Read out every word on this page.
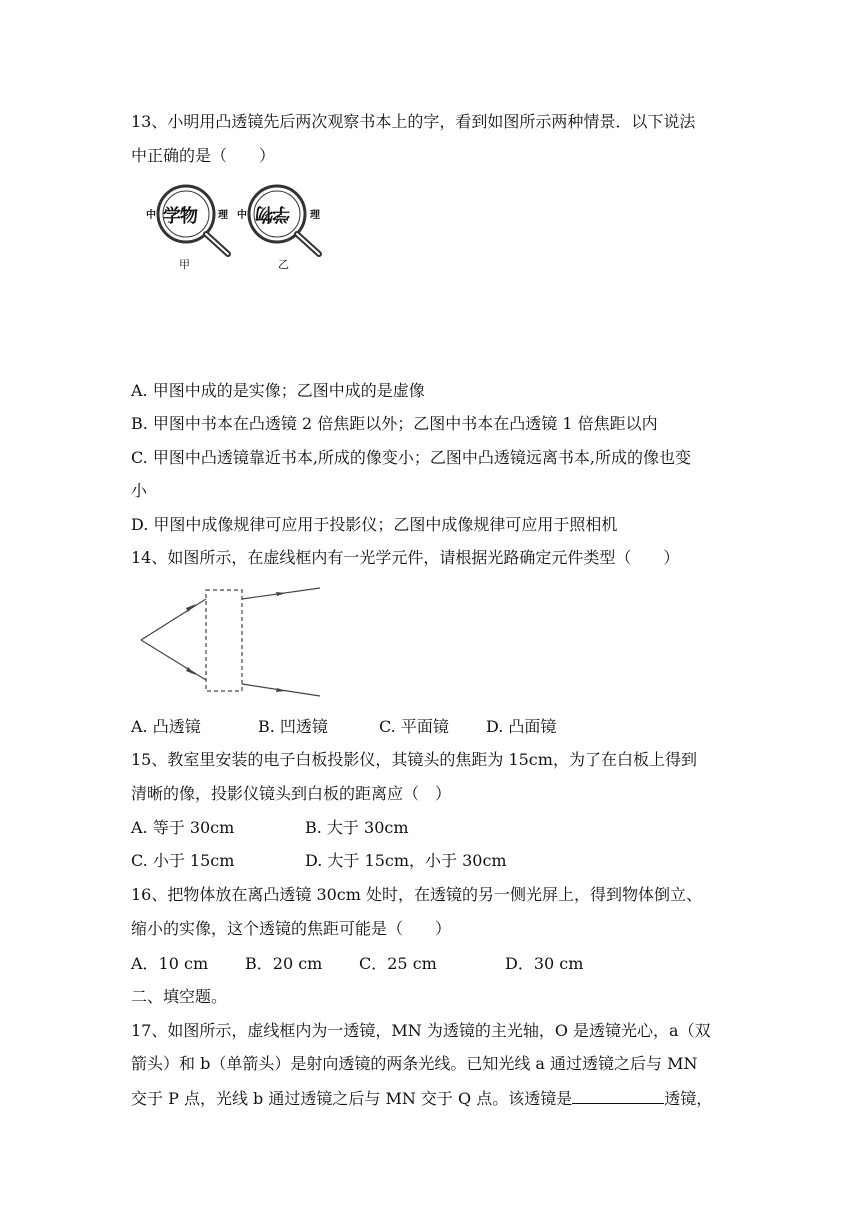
13、小明用凸透镜先后两次观察书本上的字，看到如图所示两种情景．以下说法
中正确的是（　　）
中 学物 理 中 学物 理
甲	乙
A. 甲图中成的是实像；乙图中成的是虚像
B. 甲图中书本在凸透镜 2 倍焦距以外；乙图中书本在凸透镜 1 倍焦距以内
C. 甲图中凸透镜靠近书本,所成的像变小；乙图中凸透镜远离书本,所成的像也变
小
D. 甲图中成像规律可应用于投影仪；乙图中成像规律可应用于照相机
14、如图所示，在虚线框内有一光学元件，请根据光路确定元件类型（　　）
A. 凸透镜	B. 凹透镜	C. 平面镜 D. 凸面镜
15、教室里安装的电子白板投影仪，其镜头的焦距为 15cm，为了在白板上得到
清晰的像，投影仪镜头到白板的距离应（　）
A. 等于 30cm	B. 大于 30cm
C. 小于 15cm	D. 大于 15cm，小于 30cm
16、把物体放在离凸透镜 30cm 处时，在透镜的另一侧光屏上，得到物体倒立、
缩小的实像，这个透镜的焦距可能是（　　）
A．10 cm B．20 cm C．25 cm	D．30 cm
二、填空题。
17、如图所示，虚线框内为一透镜，MN 为透镜的主光轴，O 是透镜光心，a（双
箭头）和 b（单箭头）是射向透镜的两条光线。已知光线 a 通过透镜之后与 MN
交于 P 点，光线 b 通过透镜之后与 MN 交于 Q 点。该透镜是	透镜，
